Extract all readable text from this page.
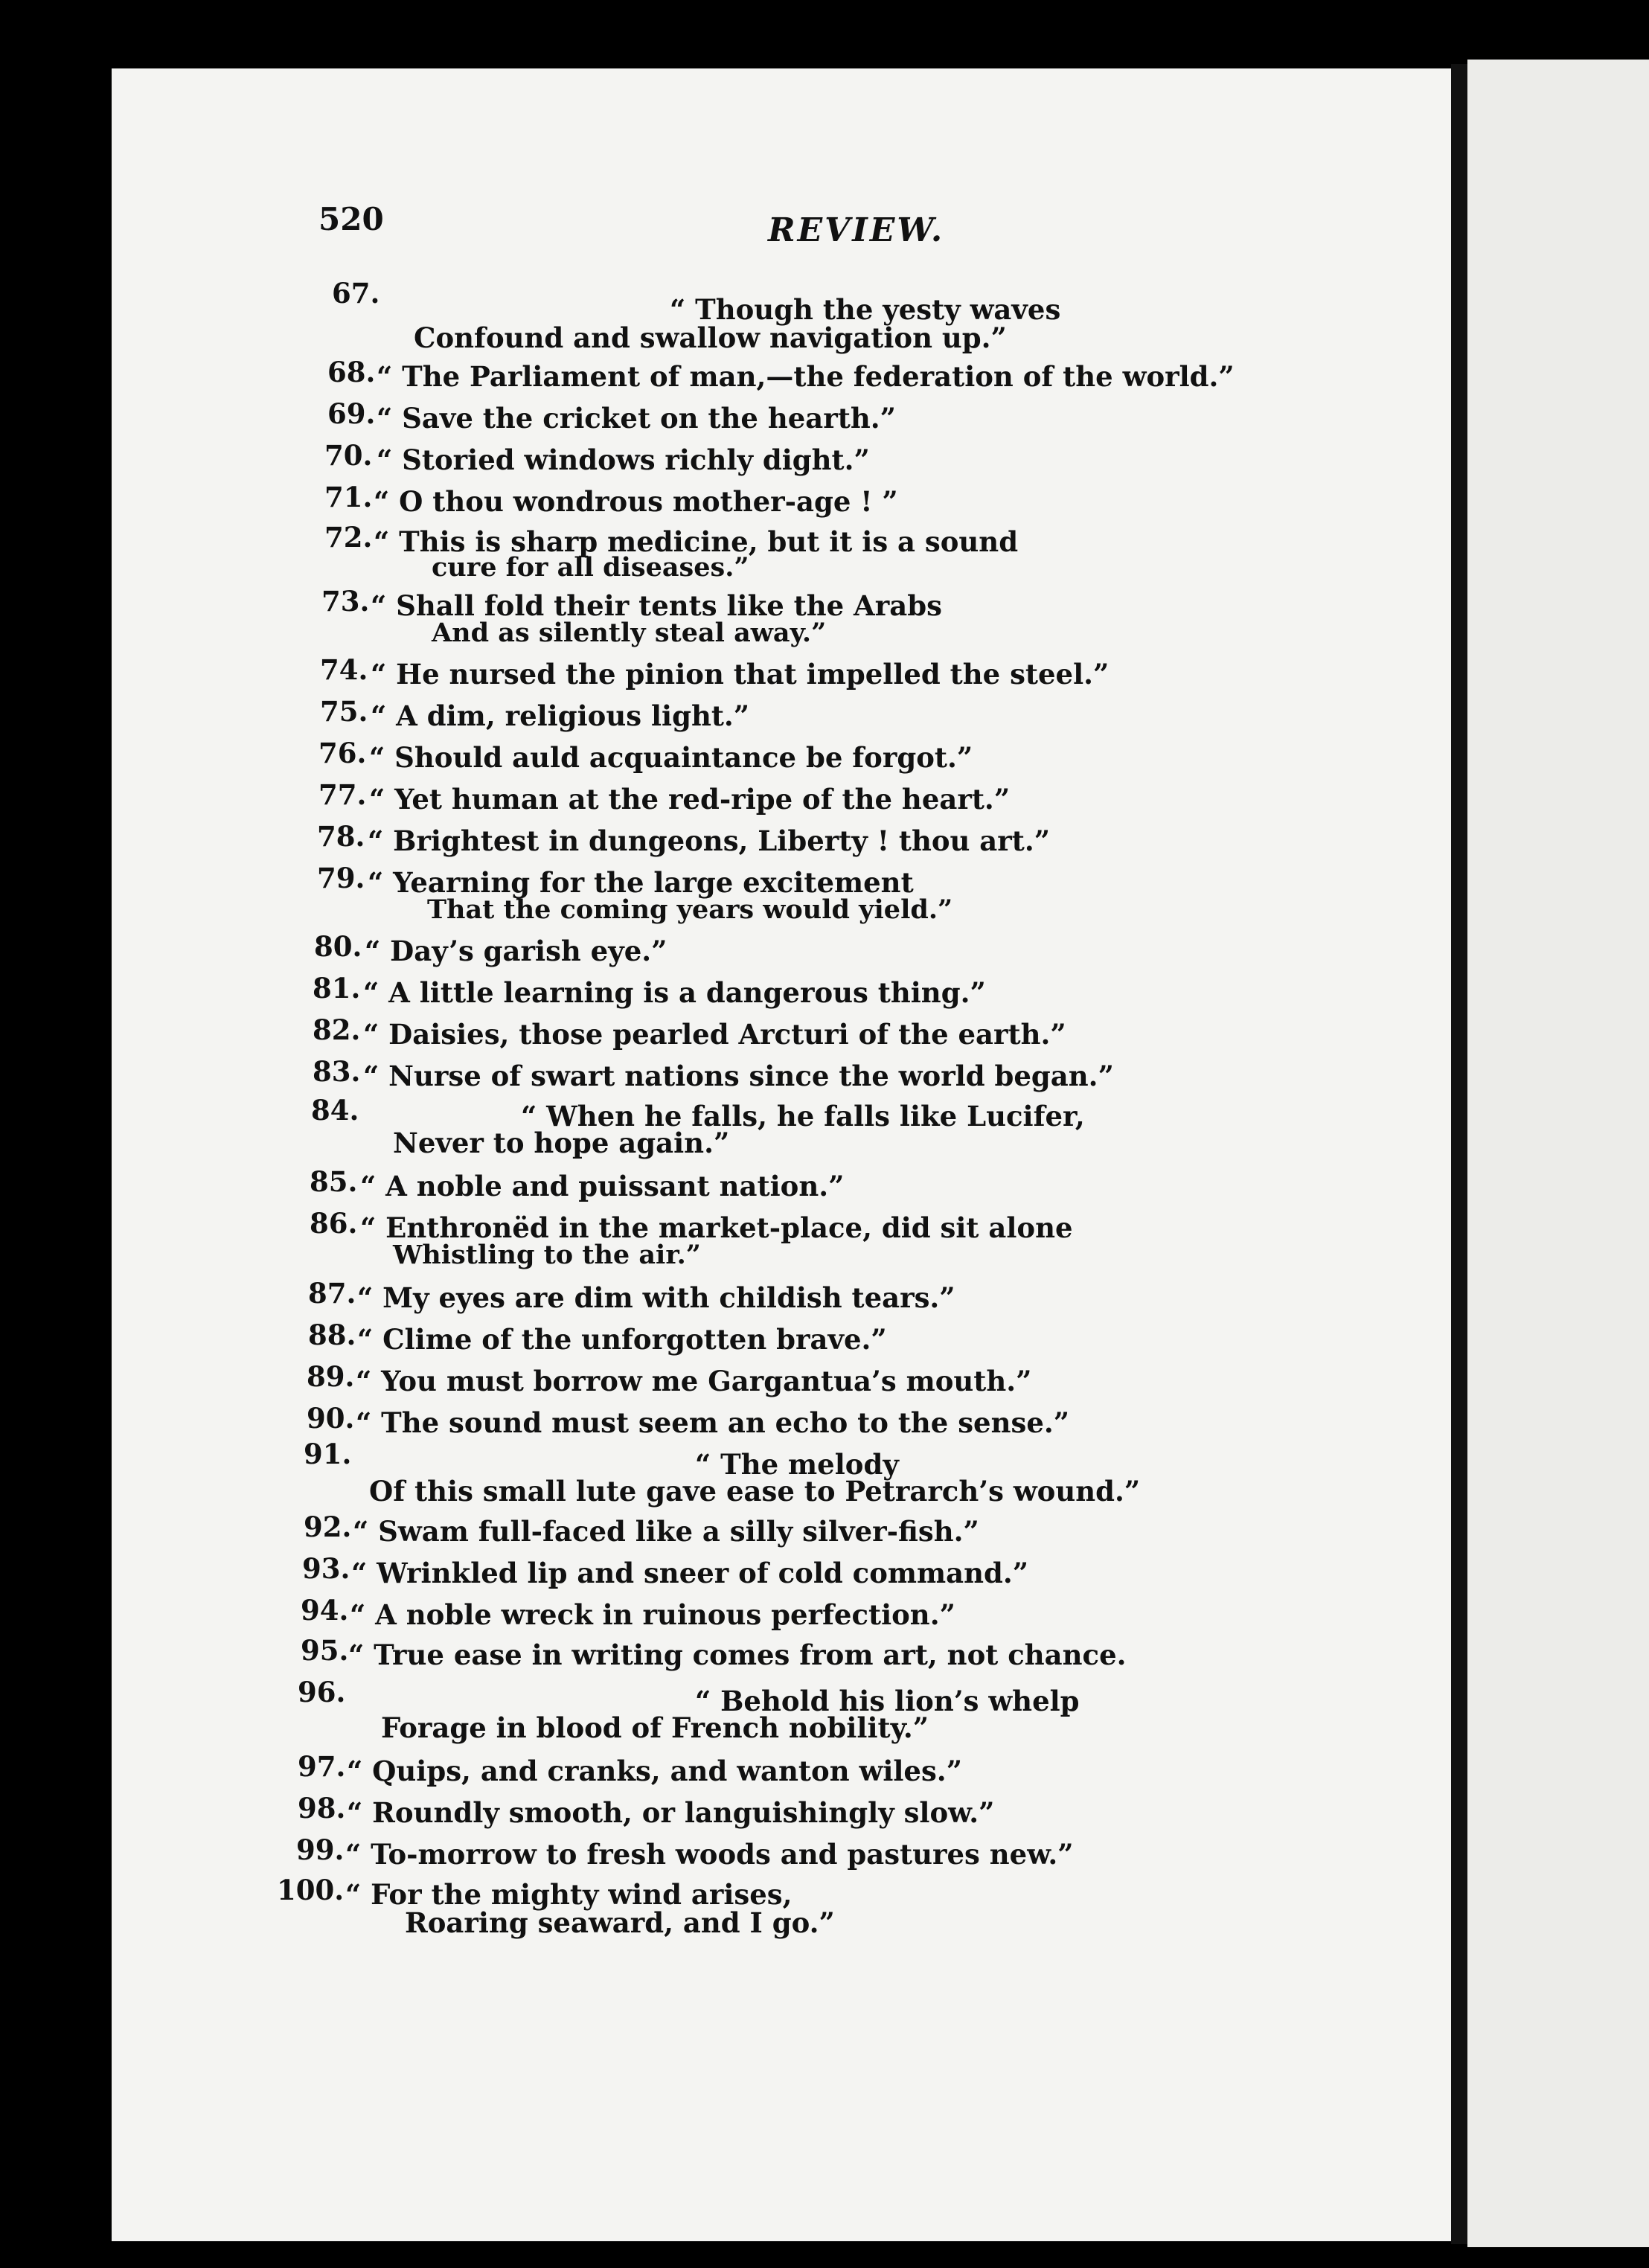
520	REVIEW.
67.	“ Though the yesty waves
Confound and swallow navigation up.”
68. “ The Parliament of man,—the federation of the world.”
69. “ Save the cricket on the hearth.”
70. “ Storied windows richly dight.”
71. “ O thou wondrous mother-age ! ”
72. “ This is sharp medicine, but it is a sound
cure for all diseases.”
73. “ Shall fold their tents like the Arabs
And as silently steal away.”
74. “ He nursed the pinion that impelled the steel.”
75. “ A dim, religious light.”
76. “ Should auld acquaintance be forgot.”
77. “ Yet human at the red-ripe of the heart.”
78. “ Brightest in dungeons, Liberty ! thou art.”
79. “ Yearning for the large excitement
That the coming years would yield.”
80. “ Day’s garish eye.”
81. “ A little learning is a dangerous thing.”
82. “ Daisies, those pearled Arcturi of the earth.”
83. “ Nurse of swart nations since the world began.”
84.	“ When he falls, he falls like Lucifer,
Never to hope again.”
85. “ A noble and puissant nation.”
86. “ Enthronëd in the market-place, did sit alone
Whistling to the air.”
87. “ My eyes are dim with childish tears.”
88. “ Clime of the unforgotten brave.”
89. “ You must borrow me Gargantua’s mouth.”
90. “ The sound must seem an echo to the sense.”
91.	“ The melody
Of this small lute gave ease to Petrarch’s wound.”
92. “ Swam full-faced like a silly silver-fish.”
93. “ Wrinkled lip and sneer of cold command.”
94. “ A noble wreck in ruinous perfection.”
95. “ True ease in writing comes from art, not chance.
96.	“ Behold his lion’s whelp
Forage in blood of French nobility.”
97. “ Quips, and cranks, and wanton wiles.”
98. “ Roundly smooth, or languishingly slow.”
99. “ To-morrow to fresh woods and pastures new.”
100. “ For the mighty wind arises,
Roaring seaward, and I go.”
